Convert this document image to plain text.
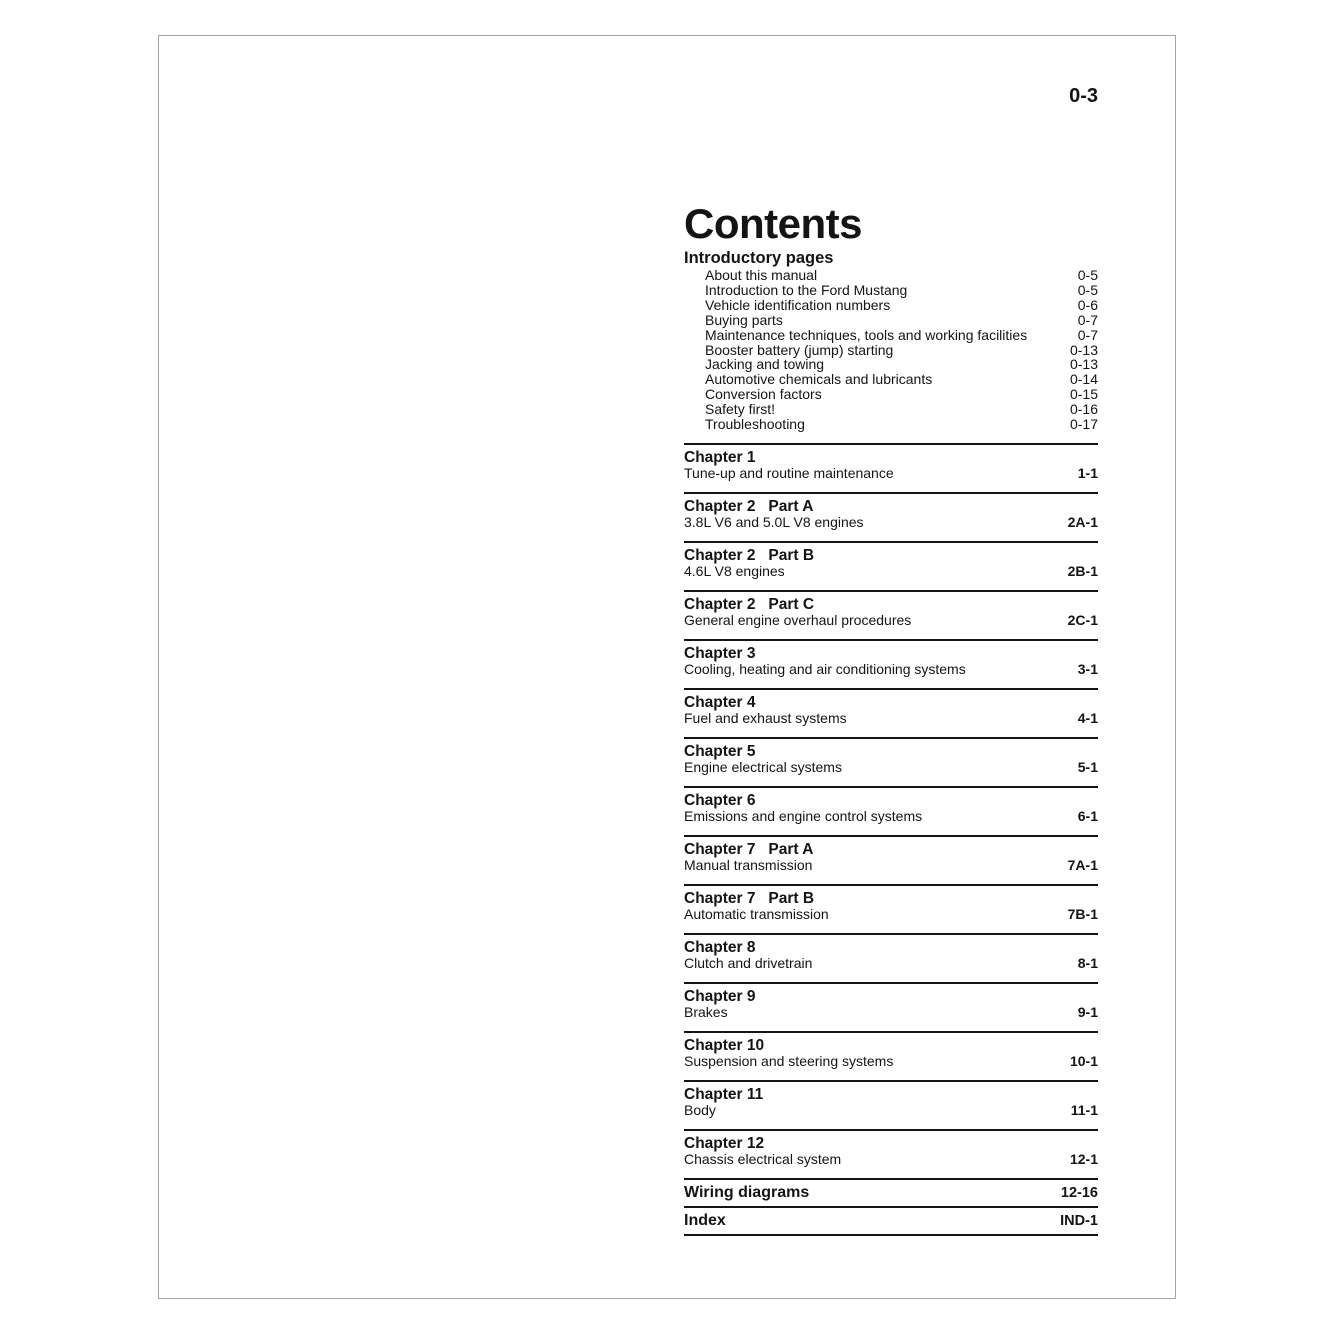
0-3
Contents
Introductory pages
About this manual	0-5
Introduction to the Ford Mustang	0-5
Vehicle identification numbers	0-6
Buying parts	0-7
Maintenance techniques, tools and working facilities	0-7
Booster battery (jump) starting	0-13
Jacking and towing	0-13
Automotive chemicals and lubricants	0-14
Conversion factors	0-15
Safety first!	0-16
Troubleshooting	0-17
Chapter 1
Tune-up and routine maintenance	1-1
Chapter 2   Part A
3.8L V6 and 5.0L V8 engines	2A-1
Chapter 2   Part B
4.6L V8 engines	2B-1
Chapter 2   Part C
General engine overhaul procedures	2C-1
Chapter 3
Cooling, heating and air conditioning systems	3-1
Chapter 4
Fuel and exhaust systems	4-1
Chapter 5
Engine electrical systems	5-1
Chapter 6
Emissions and engine control systems	6-1
Chapter 7   Part A
Manual transmission	7A-1
Chapter 7   Part B
Automatic transmission	7B-1
Chapter 8
Clutch and drivetrain	8-1
Chapter 9
Brakes	9-1
Chapter 10
Suspension and steering systems	10-1
Chapter 11
Body	11-1
Chapter 12
Chassis electrical system	12-1
Wiring diagrams	12-16
Index	IND-1
